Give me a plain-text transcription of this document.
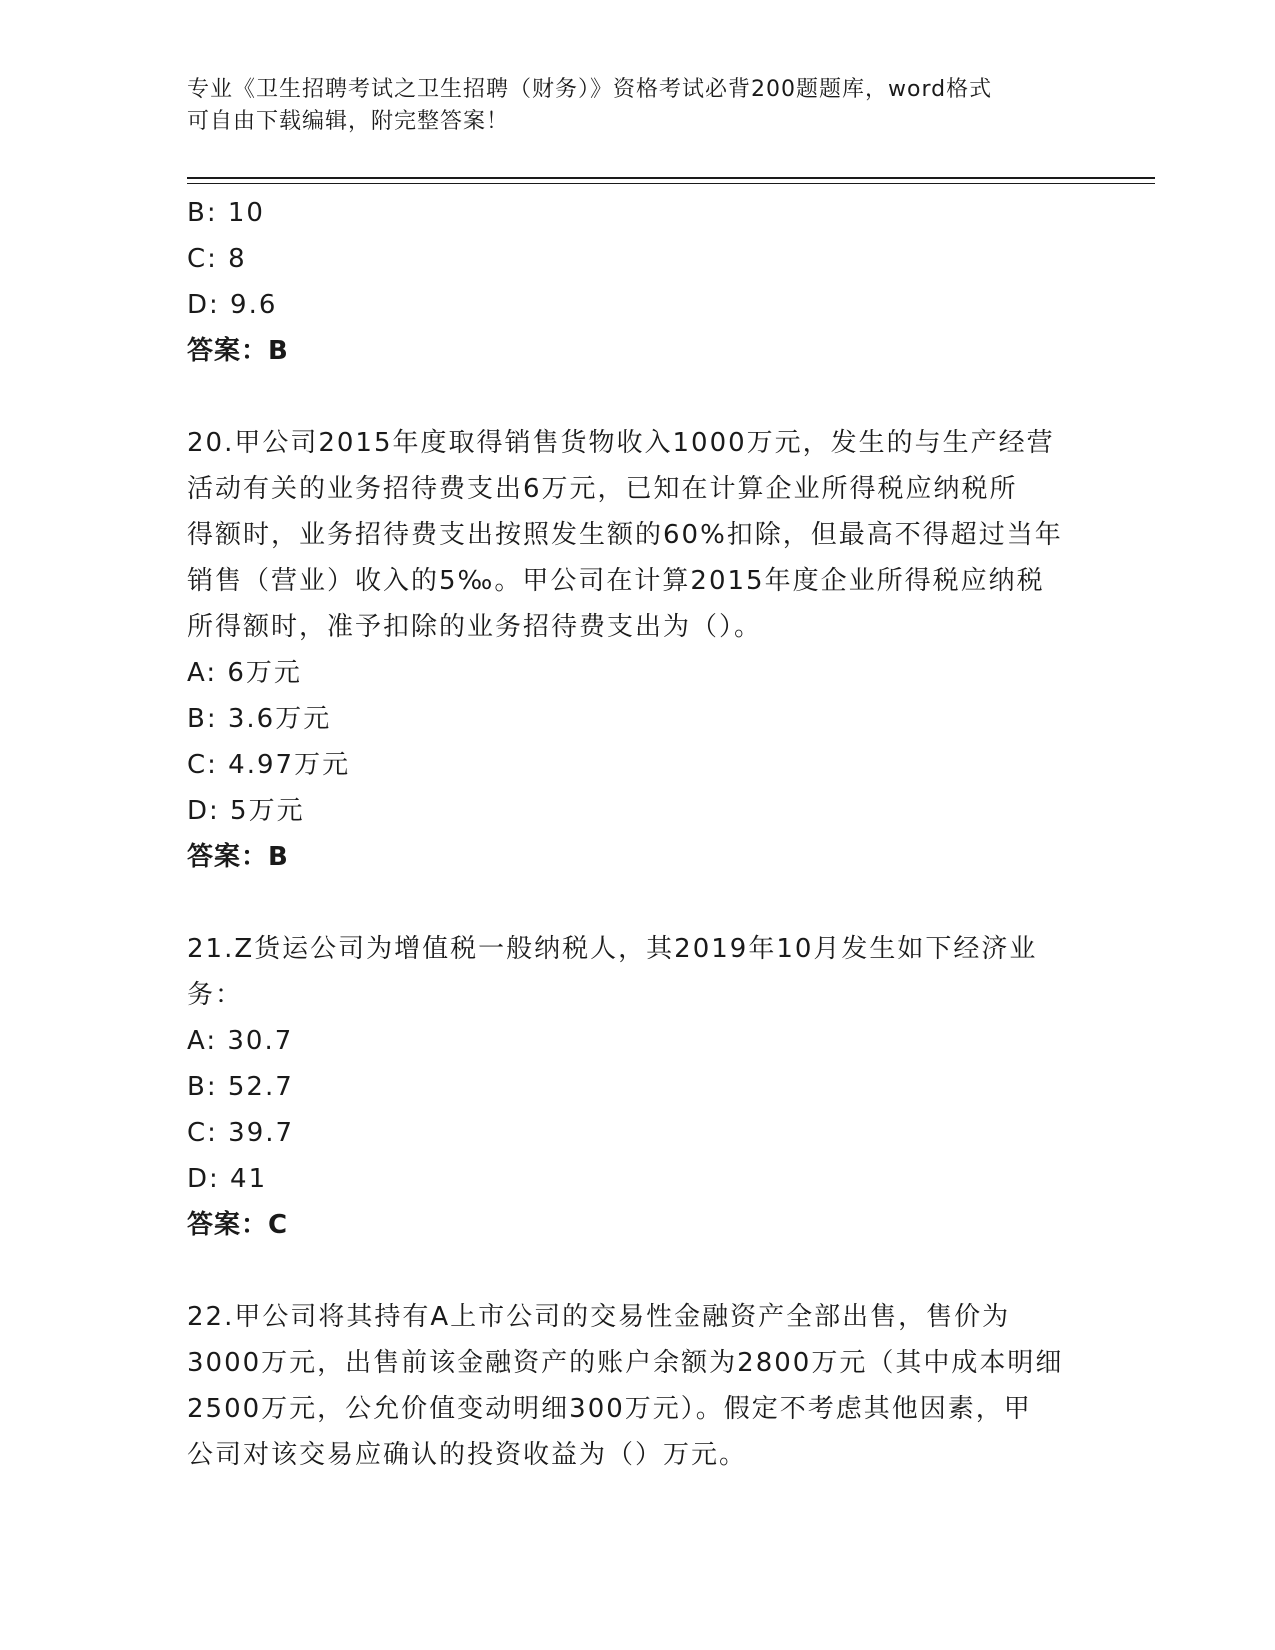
专业《卫生招聘考试之卫生招聘（财务）》资格考试必背200题题库，word格式
可自由下载编辑，附完整答案！
B: 10
C: 8
D: 9.6
答案：B
20.甲公司2015年度取得销售货物收入1000万元，发生的与生产经营
活动有关的业务招待费支出6万元，已知在计算企业所得税应纳税所
得额时，业务招待费支出按照发生额的60%扣除，但最高不得超过当年
销售（营业）收入的5‰。甲公司在计算2015年度企业所得税应纳税
所得额时，准予扣除的业务招待费支出为（）。
A: 6万元
B: 3.6万元
C: 4.97万元
D: 5万元
答案：B
21.Z货运公司为增值税一般纳税人，其2019年10月发生如下经济业
务：
A: 30.7
B: 52.7
C: 39.7
D: 41
答案：C
22.甲公司将其持有A上市公司的交易性金融资产全部出售，售价为
3000万元，出售前该金融资产的账户余额为2800万元（其中成本明细
2500万元，公允价值变动明细300万元）。假定不考虑其他因素，甲
公司对该交易应确认的投资收益为（）万元。
